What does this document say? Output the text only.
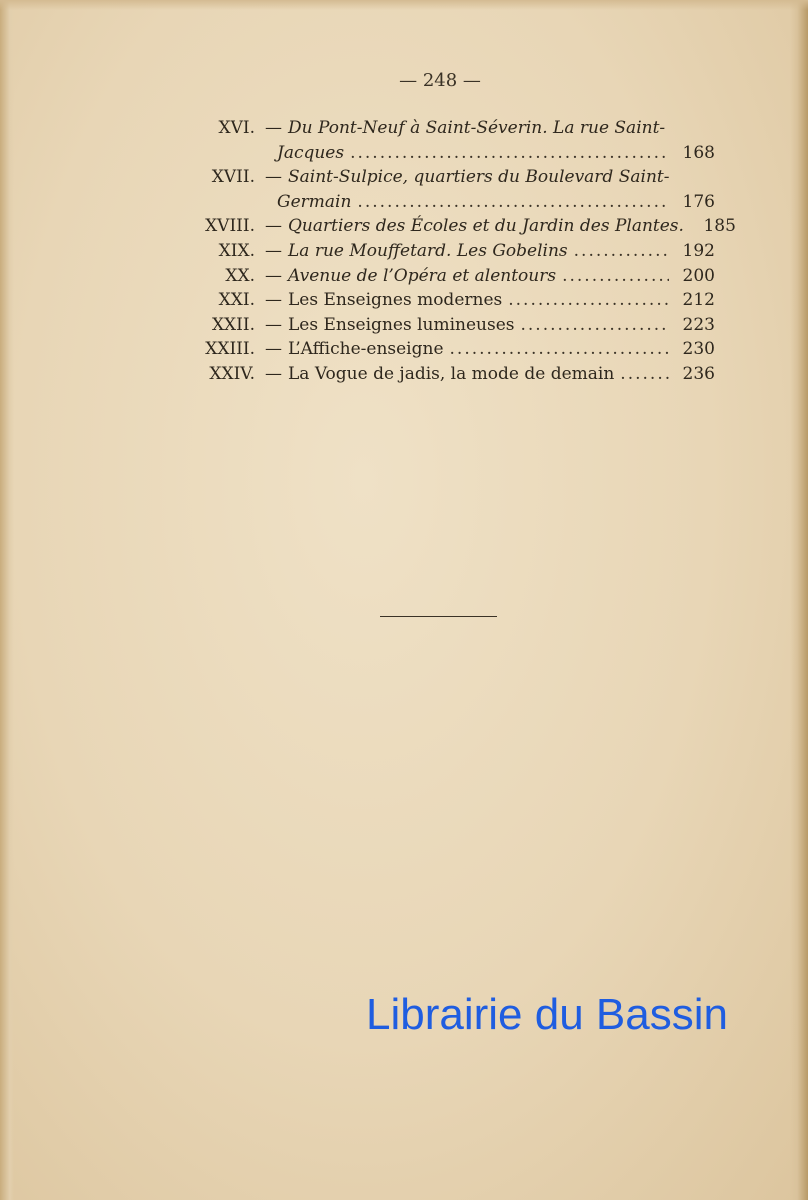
— 248 —
XVI. — Du Pont-Neuf à Saint-Séverin. La rue Saint-
Jacques .....	168
XVII. — Saint-Sulpice, quartiers du Boulevard Saint-
Germain .....	176
XVIII. — Quartiers des Écoles et du Jardin des Plantes.	185
XIX. — La rue Mouffetard. Les Gobelins .....	192
XX. — Avenue de l’Opéra et alentours .....	200
XXI. — Les Enseignes modernes .....	212
XXII. — Les Enseignes lumineuses .....	223
XXIII. — L’Affiche-enseigne .....	230
XXIV. — La Vogue de jadis, la mode de demain .....	236
Librairie du Bassin
